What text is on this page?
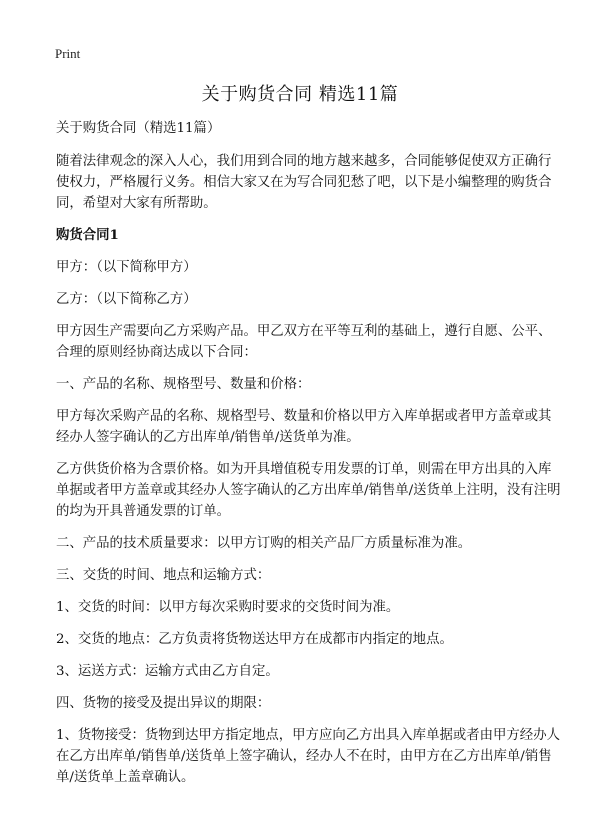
Print
关于购货合同 精选11篇

关于购货合同（精选11篇）

随着法律观念的深入人心，我们用到合同的地方越来越多，合同能够促使双方正确行使权力，严格履行义务。相信大家又在为写合同犯愁了吧，以下是小编整理的购货合同，希望对大家有所帮助。

购货合同1

甲方：（以下简称甲方）

乙方：（以下简称乙方）

甲方因生产需要向乙方采购产品。甲乙双方在平等互利的基础上，遵行自愿、公平、合理的原则经协商达成以下合同：

一、产品的名称、规格型号、数量和价格：

甲方每次采购产品的名称、规格型号、数量和价格以甲方入库单据或者甲方盖章或其经办人签字确认的乙方出库单/销售单/送货单为准。

乙方供货价格为含票价格。如为开具增值税专用发票的订单，则需在甲方出具的入库单据或者甲方盖章或其经办人签字确认的乙方出库单/销售单/送货单上注明，没有注明的均为开具普通发票的订单。

二、产品的技术质量要求：以甲方订购的相关产品厂方质量标准为准。

三、交货的时间、地点和运输方式：

1、交货的时间：以甲方每次采购时要求的交货时间为准。

2、交货的地点：乙方负责将货物送达甲方在成都市内指定的地点。

3、运送方式：运输方式由乙方自定。

四、货物的接受及提出异议的期限：

1、货物接受：货物到达甲方指定地点，甲方应向乙方出具入库单据或者由甲方经办人在乙方出库单/销售单/送货单上签字确认，经办人不在时，由甲方在乙方出库单/销售单/送货单上盖章确认。
